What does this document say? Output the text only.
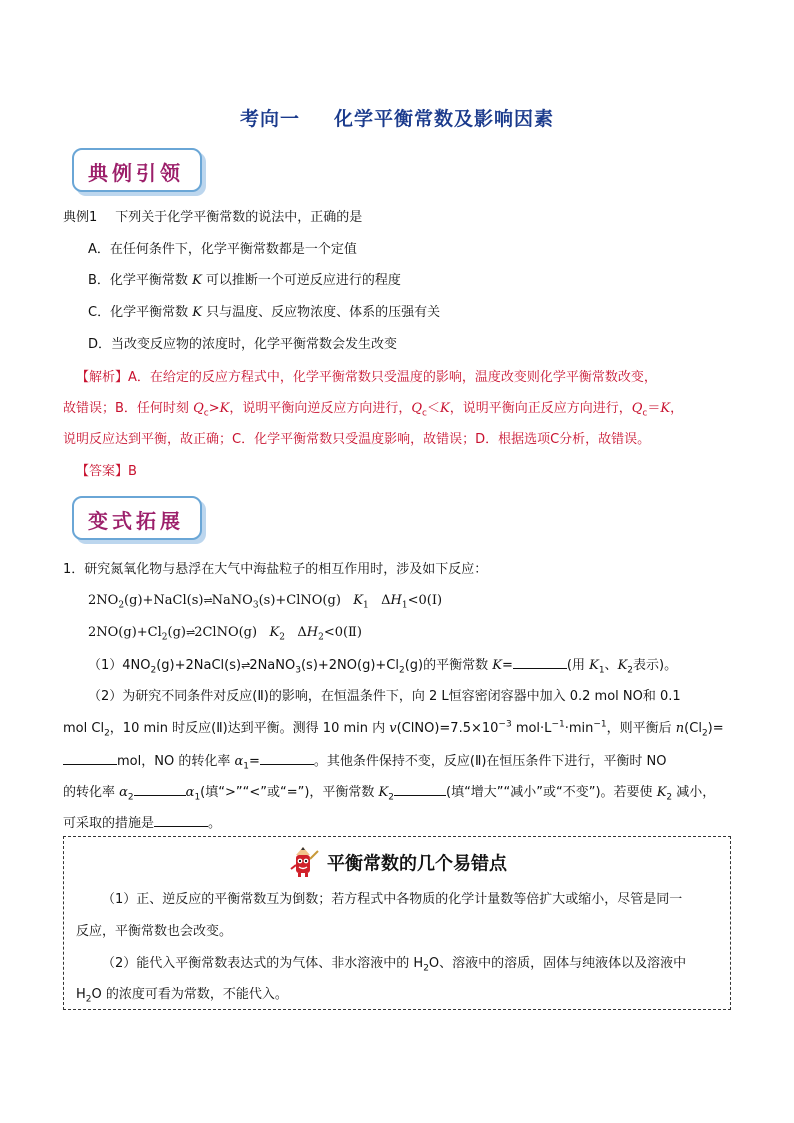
考向一 化学平衡常数及影响因素
典例引领
典例1 下列关于化学平衡常数的说法中，正确的是
A．在任何条件下，化学平衡常数都是一个定值
B．化学平衡常数 K 可以推断一个可逆反应进行的程度
C．化学平衡常数 K 只与温度、反应物浓度、体系的压强有关
D．当改变反应物的浓度时，化学平衡常数会发生改变
【解析】A．在给定的反应方程式中，化学平衡常数只受温度的影响，温度改变则化学平衡常数改变，
故错误；B．任何时刻 $Q_c>K$，说明平衡向逆反应方向进行，$Q_c<K$，说明平衡向正反应方向进行，$Q_c=K$，
说明反应达到平衡，故正确；C．化学平衡常数只受温度影响，故错误；D．根据选项C分析，故错误。
【答案】B
变式拓展
1．研究氮氧化物与悬浮在大气中海盐粒子的相互作用时，涉及如下反应：
$2NO_2(g)+NaCl(s)\rightleftharpoons NaNO_3(s)+ClNO(g)$   $K_1$   $\Delta H_1<0(Ⅰ)$
$2NO(g)+Cl_2(g)\rightleftharpoons 2ClNO(g)$   $K_2$   $\Delta H_2<0(Ⅱ)$
$(1)4NO_2(g)+2NaCl(s)\rightleftharpoons 2NaNO_3(s)+2NO(g)+Cl_2(g)$的平衡常数 K=	(用 $K_1$、$K_2$表示)。
（2）为研究不同条件对反应(Ⅱ)的影响，在恒温条件下，向 2 L恒容密闭容器中加入 0.2 mol NO和 0.1
mol $Cl_2$，10 min 时反应(Ⅱ)达到平衡。测得 10 min 内 $v(ClNO)=7.5\times 10^{-3}$ $mol\cdot L^{-1}\cdot\min^{-1}$，则平衡后 $n(Cl_2)=$
mol，NO 的转化率 $\alpha_1=$	。其他条件保持不变，反应(Ⅱ)在恒压条件下进行，平衡时 NO
的转化率 $\alpha_2$	$\alpha_1$(填“>”“<”或“=”)，平衡常数 $K_2$	(填“增大”“减小”或“不变”)。若要使 $K_2$ 减小，
可采取的措施是	。
平衡常数的几个易错点
（1）正、逆反应的平衡常数互为倒数；若方程式中各物质的化学计量数等倍扩大或缩小，尽管是同一
反应，平衡常数也会改变。
（2）能代入平衡常数表达式的为气体、非水溶液中的 $H_2O$、溶液中的溶质，固体与纯液体以及溶液中
$H_2O$ 的浓度可看为常数，不能代入。
